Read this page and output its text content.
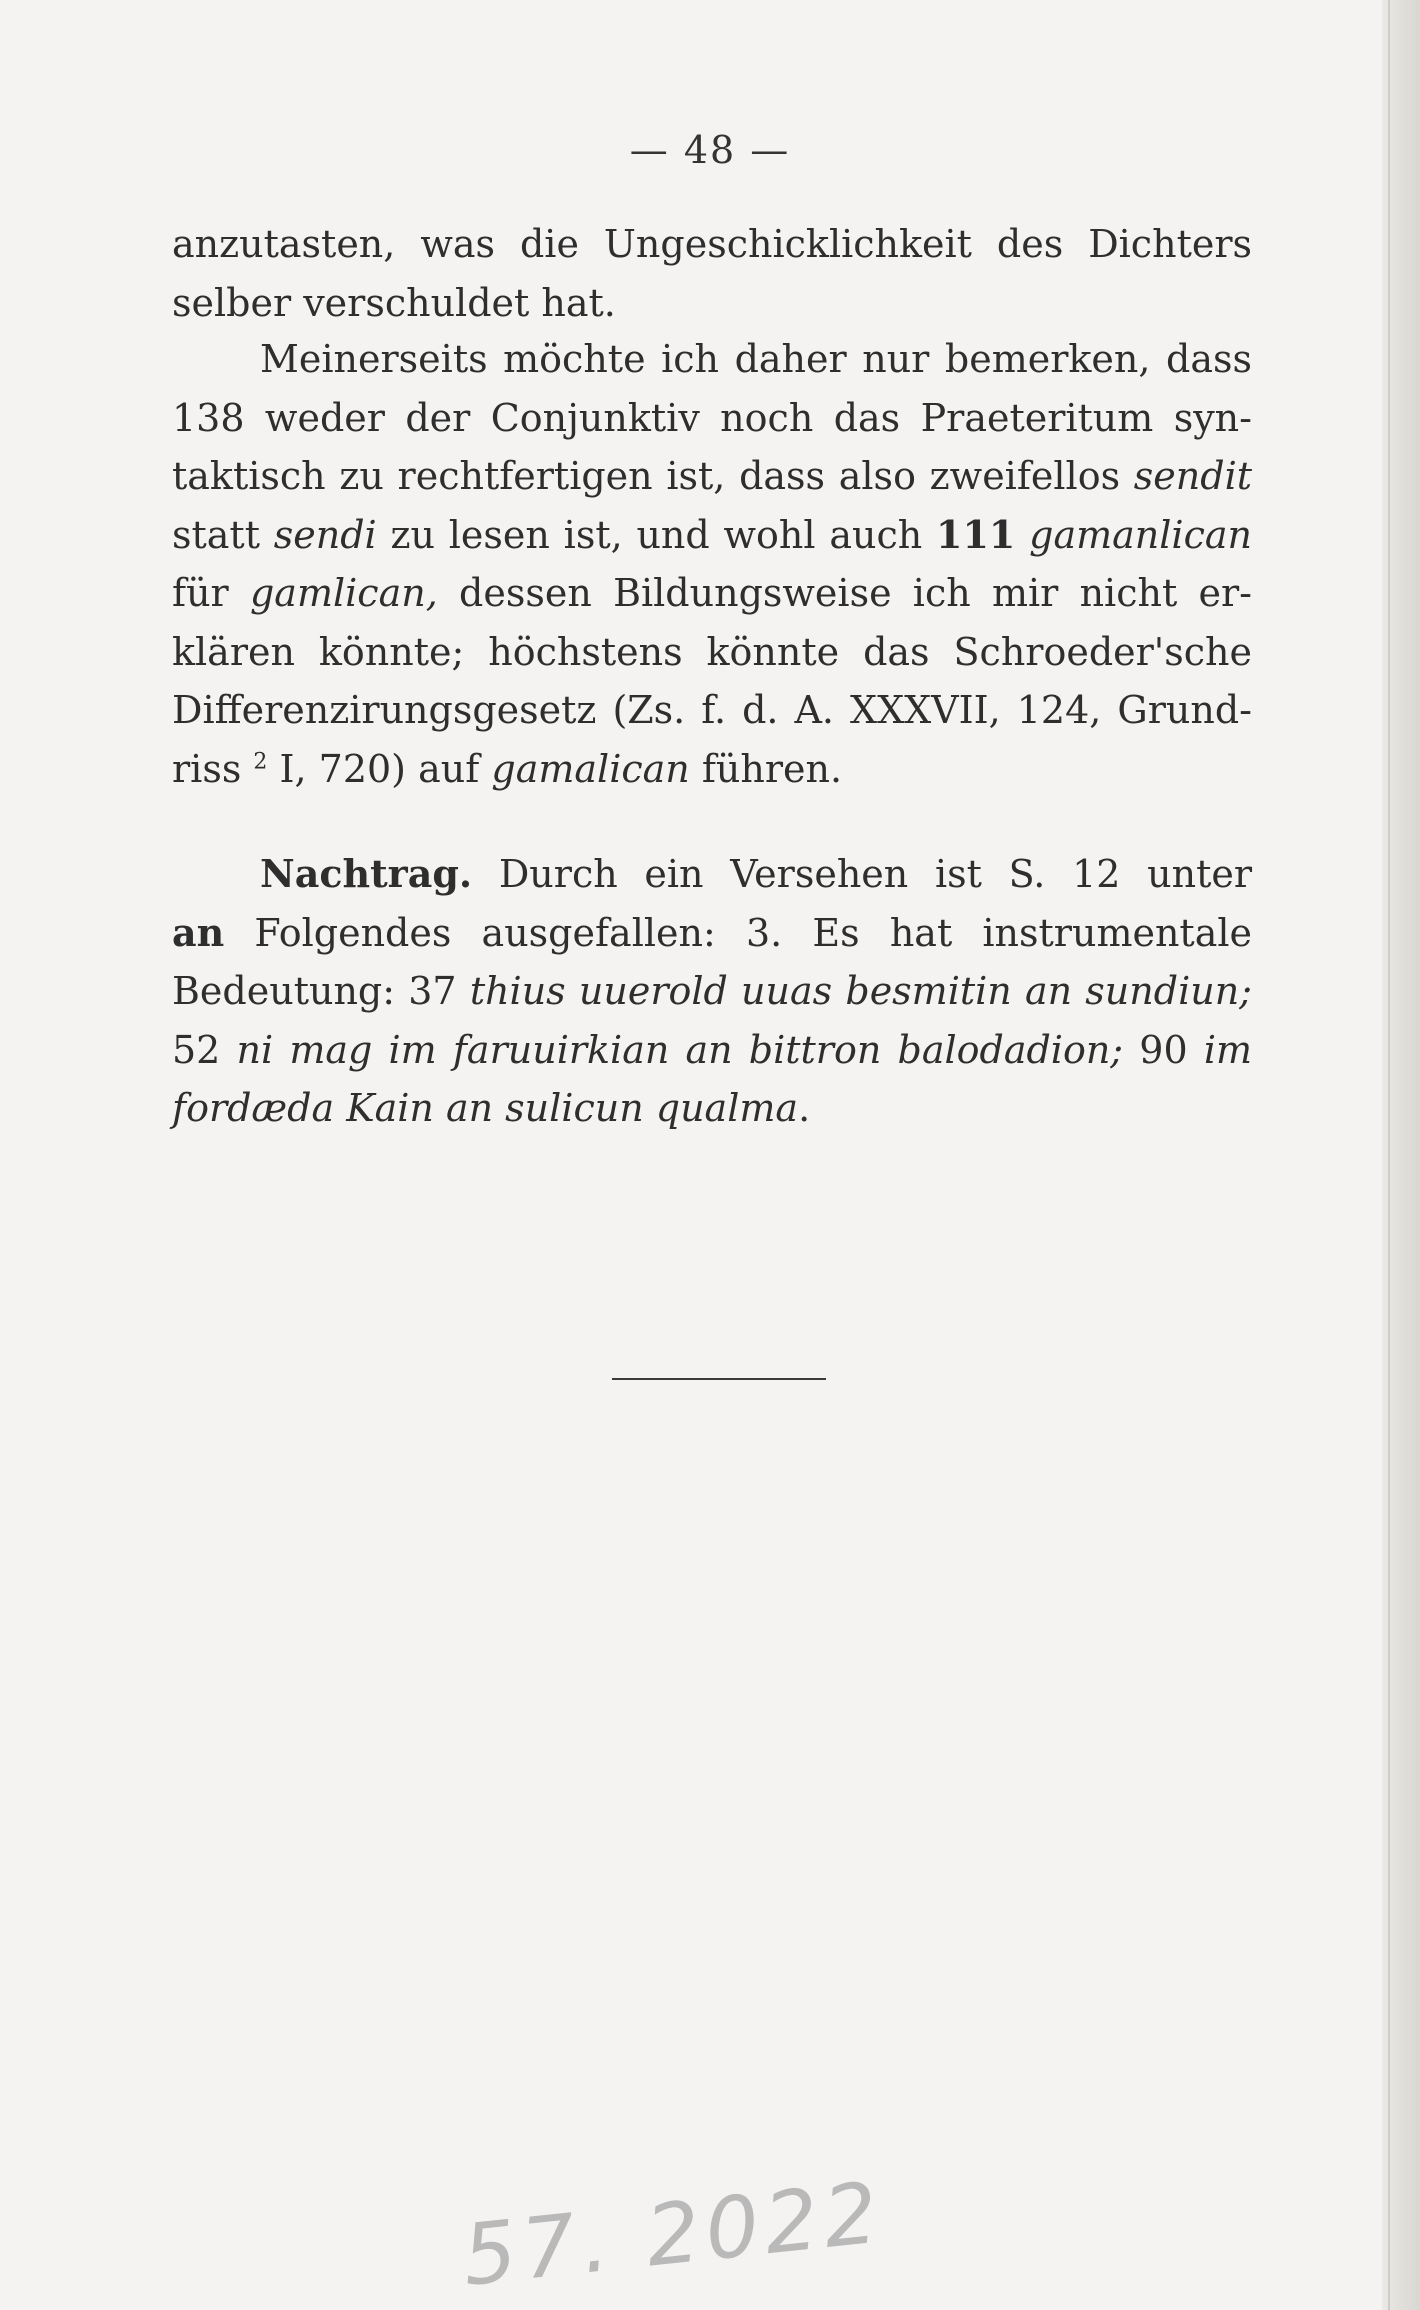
— 48 —
anzutasten, was die Ungeschicklichkeit des Dichters
selber verschuldet hat.
Meinerseits möchte ich daher nur bemerken, dass
138 weder der Conjunktiv noch das Praeteritum syn-
taktisch zu rechtfertigen ist, dass also zweifellos sendit
statt sendi zu lesen ist, und wohl auch 111 gamanlican
für gamlican, dessen Bildungsweise ich mir nicht er-
klären könnte; höchstens könnte das Schroeder'sche
Differenzirungsgesetz (Zs. f. d. A. XXXVII, 124, Grund-
riss $^2$ I, 720) auf gamalican führen.
Nachtrag. Durch ein Versehen ist S. 12 unter
an Folgendes ausgefallen: 3. Es hat instrumentale
Bedeutung: 37 thius uuerold uuas besmitin an sundiun;
52 ni mag im faruuirkian an bittron balodadion; 90 im
fordæda Kain an sulicun qualma.
57. 2022
